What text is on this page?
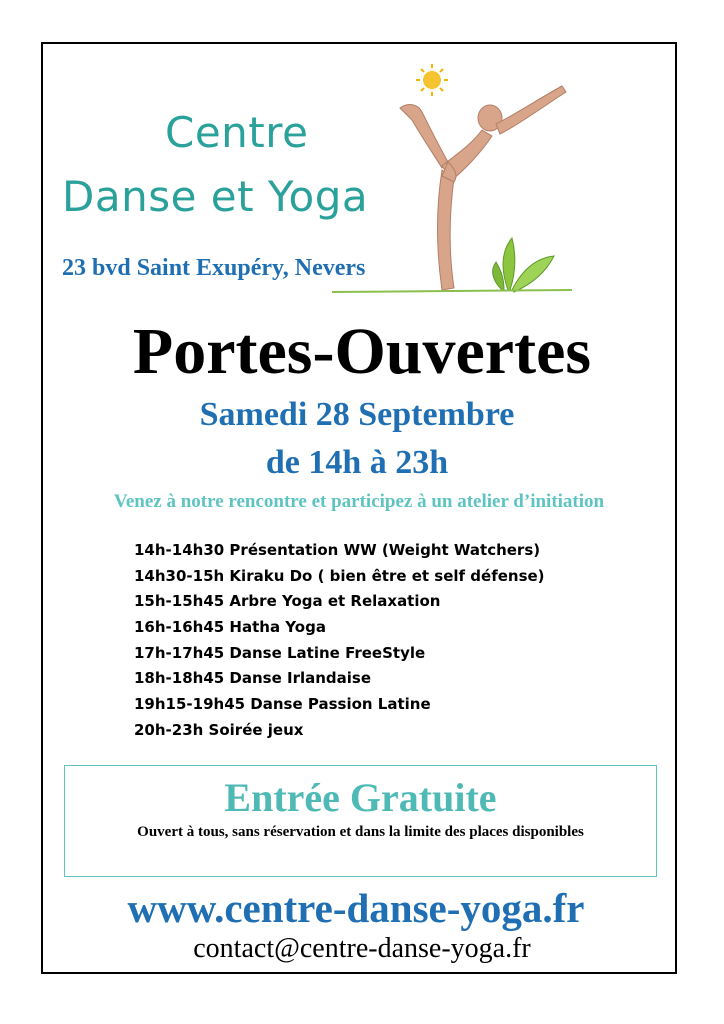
Centre
Danse et Yoga
23 bvd Saint Exupéry, Nevers
Portes-Ouvertes
Samedi 28 Septembre
de 14h à 23h
Venez à notre rencontre et participez à un atelier d’initiation
14h-14h30 Présentation WW (Weight Watchers)
14h30-15h Kiraku Do ( bien être et self défense)
15h-15h45 Arbre Yoga et Relaxation
16h-16h45 Hatha Yoga
17h-17h45 Danse Latine FreeStyle
18h-18h45 Danse Irlandaise
19h15-19h45 Danse Passion Latine
20h-23h Soirée jeux
Entrée Gratuite
Ouvert à tous, sans réservation et dans la limite des places disponibles
www.centre-danse-yoga.fr
contact@centre-danse-yoga.fr
